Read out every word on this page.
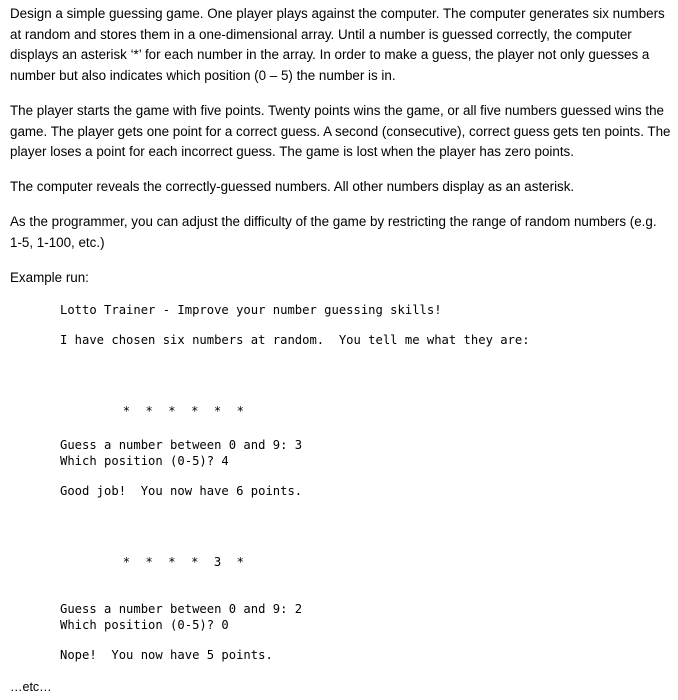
Design a simple guessing game. One player plays against the computer. The computer generates six numbers at random and stores them in a one-dimensional array. Until a number is guessed correctly, the computer displays an asterisk ‘*’ for each number in the array. In order to make a guess, the player not only guesses a number but also indicates which position (0 – 5) the number is in.

The player starts the game with five points. Twenty points wins the game, or all five numbers guessed wins the game. The player gets one point for a correct guess. A second (consecutive), correct guess gets ten points. The player loses a point for each incorrect guess. The game is lost when the player has zero points.

The computer reveals the correctly-guessed numbers. All other numbers display as an asterisk.

As the programmer, you can adjust the difficulty of the game by restricting the range of random numbers (e.g. 1-5, 1-100, etc.)

Example run:

Lotto Trainer - Improve your number guessing skills!
I have chosen six numbers at random.  You tell me what they are:

* * * * * *

Guess a number between 0 and 9: 3
Which position (0-5)? 4
Good job!  You now have 6 points.

* * * * 3 *

Guess a number between 0 and 9: 2
Which position (0-5)? 0
Nope!  You now have 5 points.
…etc…
